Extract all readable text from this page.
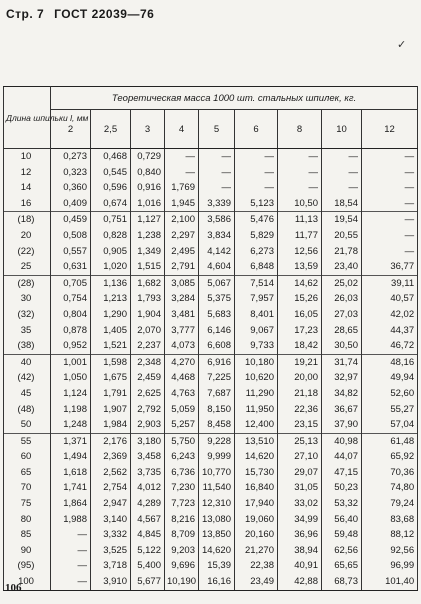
Стр. 7 ГОСТ 22039—76
✓
Длина шпильки l, мм	Теоретическая масса 1000 шт. стальных шпилек, кг.								
	2	2,5	3	4	5	6	8	10	12
10	0,273	0,468	0,729	—	—	—	—	—	—
12	0,323	0,545	0,840	—	—	—	—	—	—
14	0,360	0,596	0,916	1,769	—	—	—	—	—
16	0,409	0,674	1,016	1,945	3,339	5,123	10,50	18,54	—
(18)	0,459	0,751	1,127	2,100	3,586	5,476	11,13	19,54	—
20	0,508	0,828	1,238	2,297	3,834	5,829	11,77	20,55	—
(22)	0,557	0,905	1,349	2,495	4,142	6,273	12,56	21,78	—
25	0,631	1,020	1,515	2,791	4,604	6,848	13,59	23,40	36,77
(28)	0,705	1,136	1,682	3,085	5,067	7,514	14,62	25,02	39,11
30	0,754	1,213	1,793	3,284	5,375	7,957	15,26	26,03	40,57
(32)	0,804	1,290	1,904	3,481	5,683	8,401	16,05	27,03	42,02
35	0,878	1,405	2,070	3,777	6,146	9,067	17,23	28,65	44,37
(38)	0,952	1,521	2,237	4,073	6,608	9,733	18,42	30,50	46,72
40	1,001	1,598	2,348	4,270	6,916	10,180	19,21	31,74	48,16
(42)	1,050	1,675	2,459	4,468	7,225	10,620	20,00	32,97	49,94
45	1,124	1,791	2,625	4,763	7,687	11,290	21,18	34,82	52,60
(48)	1,198	1,907	2,792	5,059	8,150	11,950	22,36	36,67	55,27
50	1,248	1,984	2,903	5,257	8,458	12,400	23,15	37,90	57,04
55	1,371	2,176	3,180	5,750	9,228	13,510	25,13	40,98	61,48
60	1,494	2,369	3,458	6,243	9,999	14,620	27,10	44,07	65,92
65	1,618	2,562	3,735	6,736	10,770	15,730	29,07	47,15	70,36
70	1,741	2,754	4,012	7,230	11,540	16,840	31,05	50,23	74,80
75	1,864	2,947	4,289	7,723	12,310	17,940	33,02	53,32	79,24
80	1,988	3,140	4,567	8,216	13,080	19,060	34,99	56,40	83,68
85	—	3,332	4,845	8,709	13,850	20,160	36,96	59,48	88,12
90	—	3,525	5,122	9,203	14,620	21,270	38,94	62,56	92,56
(95)	—	3,718	5,400	9,696	15,39	22,38	40,91	65,65	96,99
100	—	3,910	5,677	10,190	16,16	23,49	42,88	68,73	101,40
106
